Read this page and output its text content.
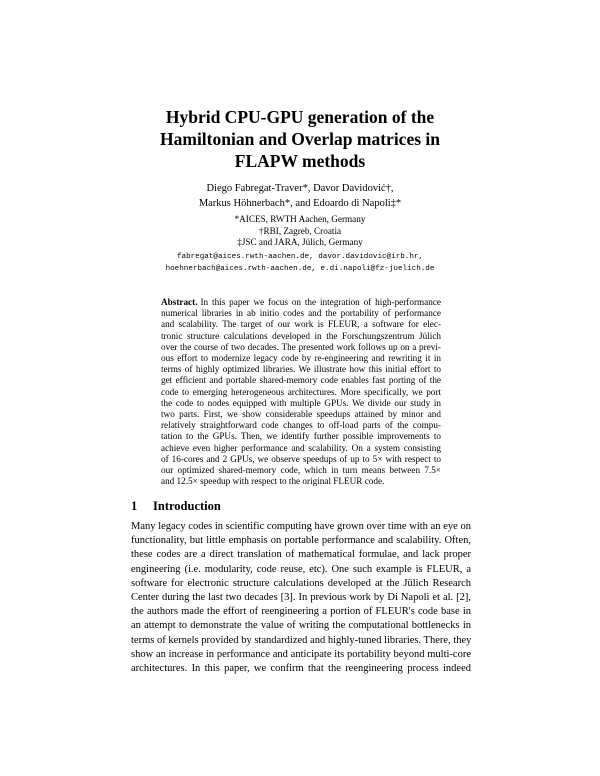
Hybrid CPU-GPU generation of the
Hamiltonian and Overlap matrices in
FLAPW methods
Diego Fabregat-Traver*, Davor Davidović†,
Markus Höhnerbach*, and Edoardo di Napoli‡*
*AICES, RWTH Aachen, Germany
†RBI, Zagreb, Croatia
‡JSC and JARA, Jülich, Germany
fabregat@aices.rwth-aachen.de, davor.davidovic@irb.hr,
hoehnerbach@aices.rwth-aachen.de, e.di.napoli@fz-juelich.de
Abstract. In this paper we focus on the integration of high-performance
numerical libraries in ab initio codes and the portability of performance
and scalability. The target of our work is FLEUR, a software for elec-
tronic structure calculations developed in the Forschungszentrum Jülich
over the course of two decades. The presented work follows up on a previ-
ous effort to modernize legacy code by re-engineering and rewriting it in
terms of highly optimized libraries. We illustrate how this initial effort to
get efficient and portable shared-memory code enables fast porting of the
code to emerging heterogeneous architectures. More specifically, we port
the code to nodes equipped with multiple GPUs. We divide our study in
two parts. First, we show considerable speedups attained by minor and
relatively straightforward code changes to off-load parts of the compu-
tation to the GPUs. Then, we identify further possible improvements to
achieve even higher performance and scalability. On a system consisting
of 16-cores and 2 GPUs, we observe speedups of up to 5× with respect to
our optimized shared-memory code, which in turn means between 7.5×
and 12.5× speedup with respect to the original FLEUR code.
1 Introduction
Many legacy codes in scientific computing have grown over time with an eye on
functionality, but little emphasis on portable performance and scalability. Often,
these codes are a direct translation of mathematical formulae, and lack proper
engineering (i.e. modularity, code reuse, etc). One such example is FLEUR, a
software for electronic structure calculations developed at the Jülich Research
Center during the last two decades [3]. In previous work by Di Napoli et al. [2],
the authors made the effort of reengineering a portion of FLEUR's code base in
an attempt to demonstrate the value of writing the computational bottlenecks in
terms of kernels provided by standardized and highly-tuned libraries. There, they
show an increase in performance and anticipate its portability beyond multi-core
architectures. In this paper, we confirm that the reengineering process indeed
